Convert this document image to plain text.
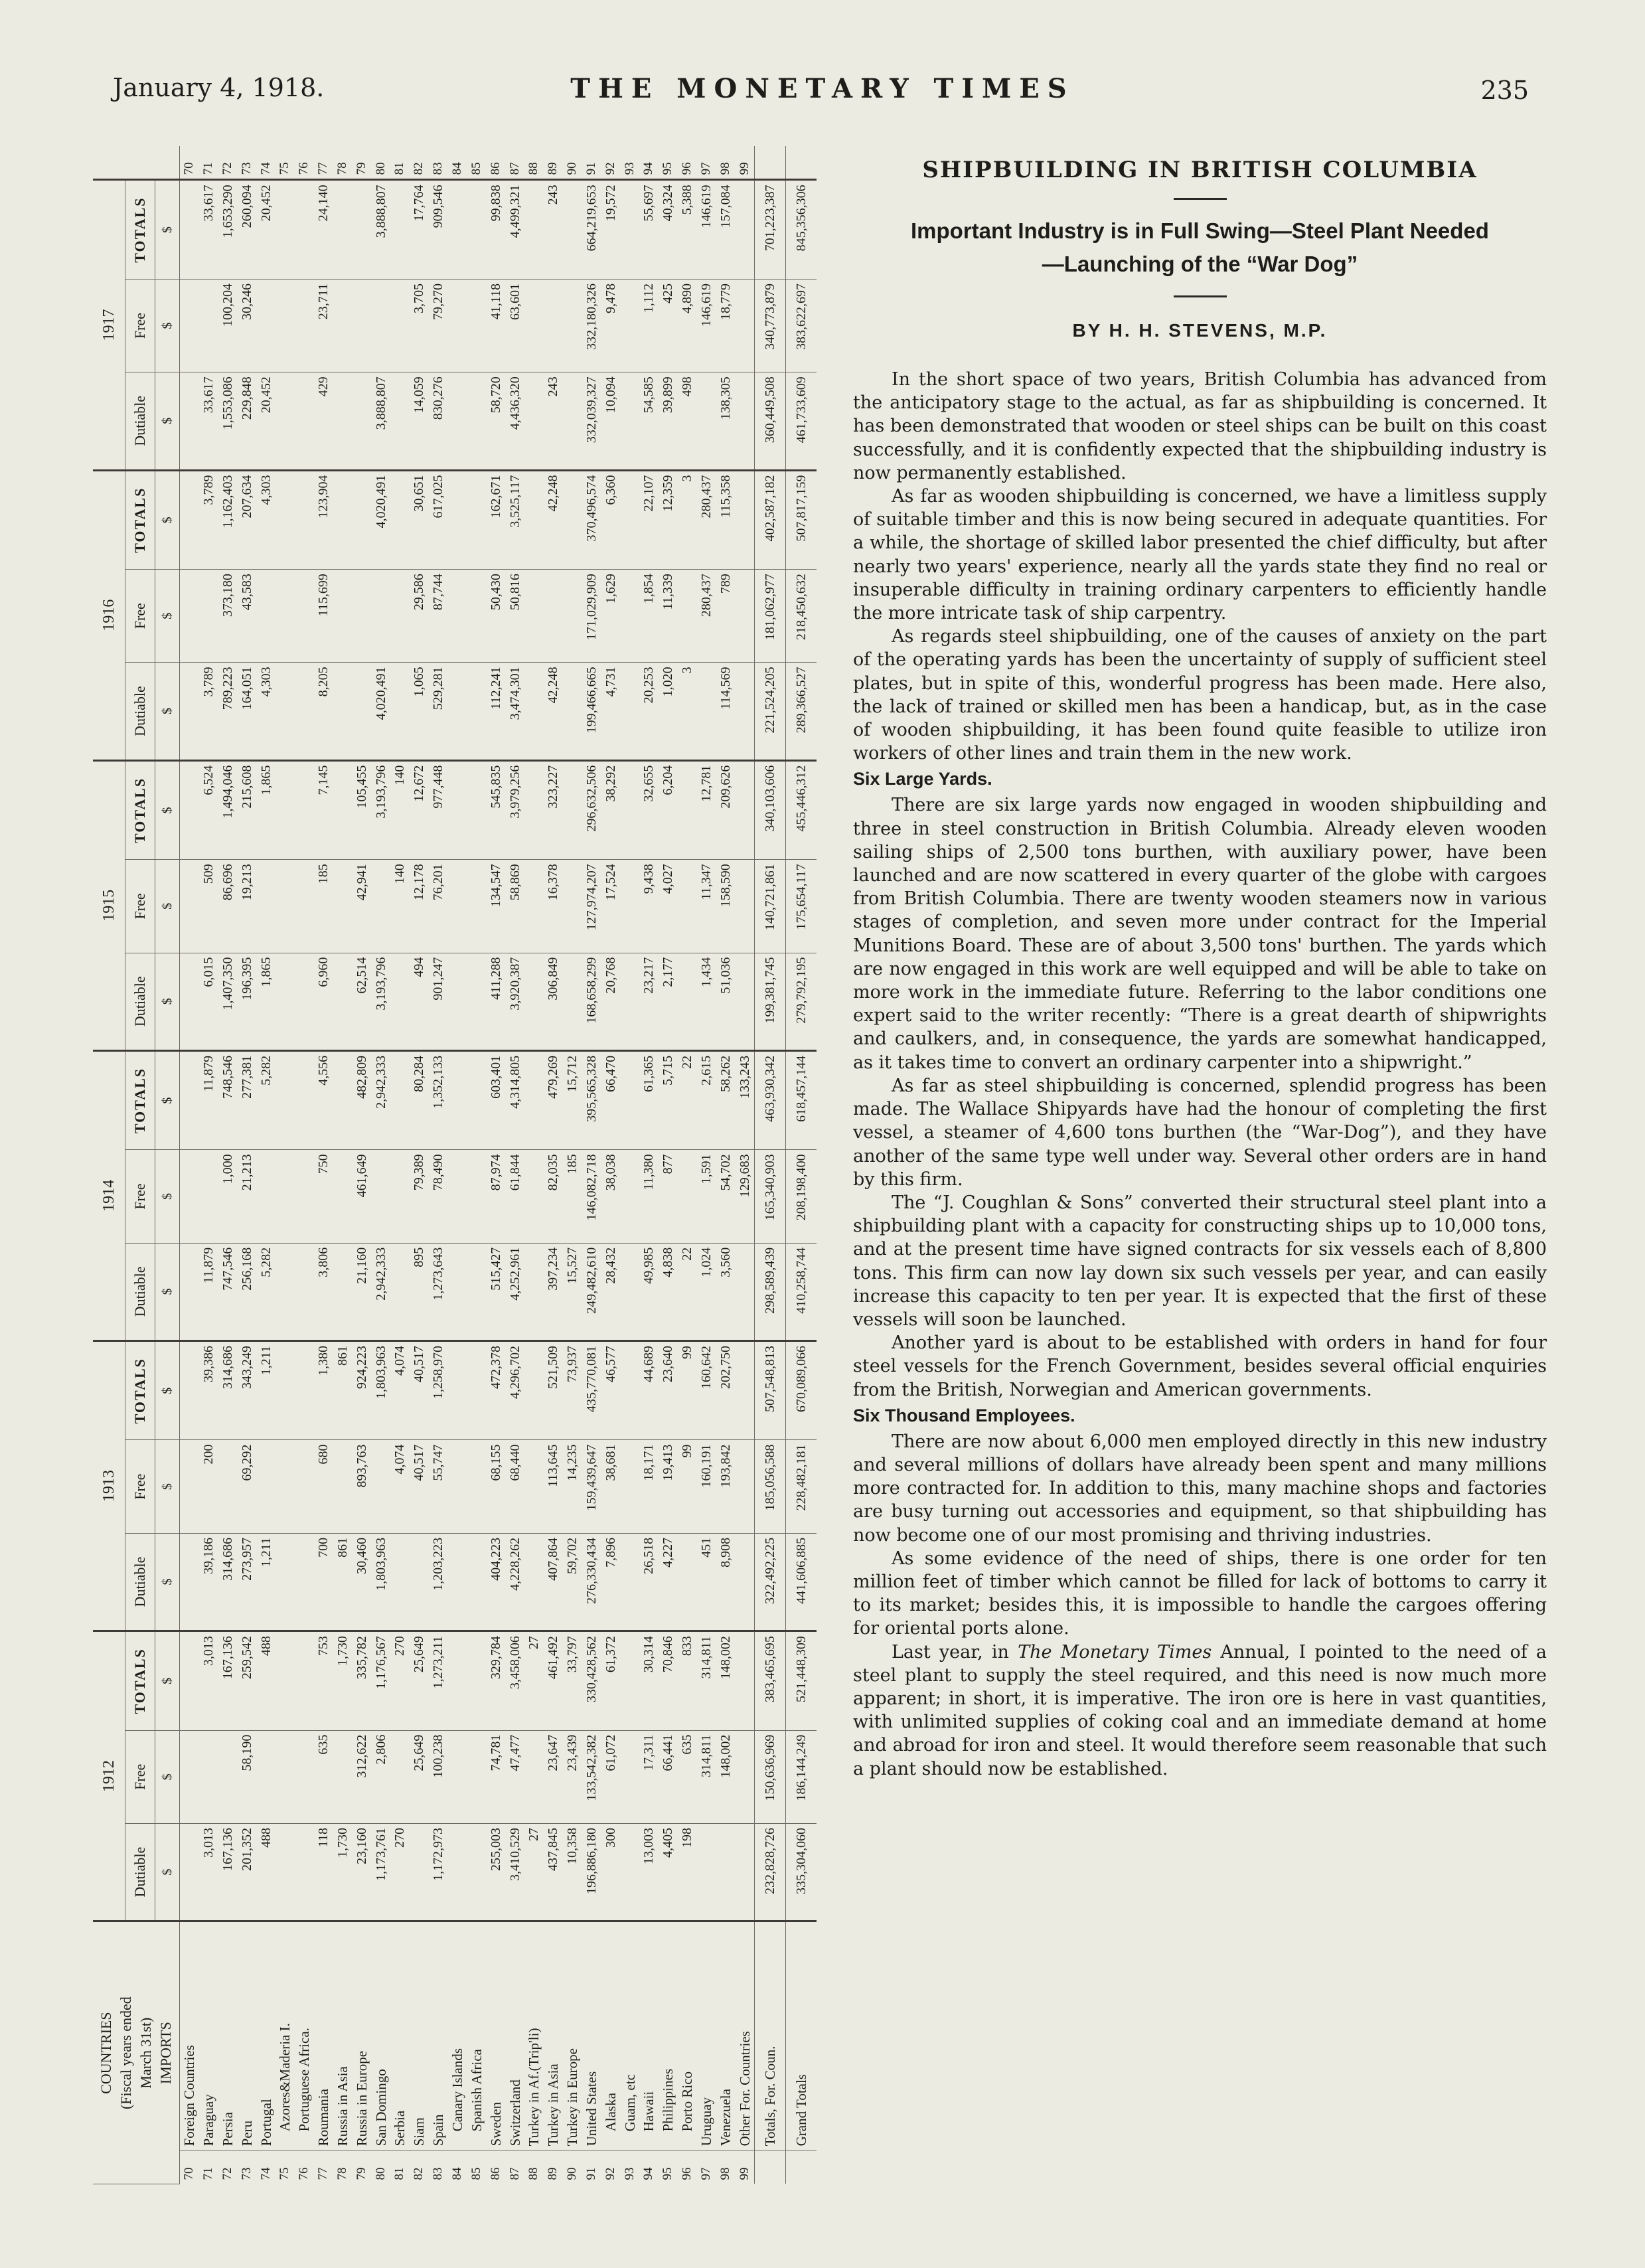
January 4, 1918.	THE MONETARY TIMES	235
COUNTRIES (Fiscal years ended March 31st) IMPORTS		1912			1913			1914			1915			1916			1917			
		Dutiable	Free	TOTALS	Dutiable	Free	TOTALS	Dutiable	Free	TOTALS	Dutiable	Free	TOTALS	Dutiable	Free	TOTALS	Dutiable	Free	TOTALS	
		$	$	$	$	$	$	$	$	$	$	$	$	$	$	$	$	$	$	
70	Foreign Countries																			70
71	Paraguay	3,013		3,013	39,186	200	39,386	11,879		11,879	6,015	509	6,524	3,789		3,789	33,617		33,617	71
72	Persia	167,136		167,136	314,686		314,686	747,546	1,000	748,546	1,407,350	86,696	1,494,046	789,223	373,180	1,162,403	1,553,086	100,204	1,653,290	72
73	Peru	201,352	58,190	259,542	273,957	69,292	343,249	256,168	21,213	277,381	196,395	19,213	215,608	164,051	43,583	207,634	229,848	30,246	260,094	73
74	Portugal	488		488	1,211		1,211	5,282		5,282	1,865		1,865	4,303		4,303	20,452		20,452	74
75	Azores&Maderia I.																			75
76	Portuguese Africa.																			76
77	Roumania	118	635	753	700	680	1,380	3,806	750	4,556	6,960	185	7,145	8,205	115,699	123,904	429	23,711	24,140	77
78	Russia in Asia	1,730		1,730	861		861													78
79	Russia in Europe	23,160	312,622	335,782	30,460	893,763	924,223	21,160	461,649	482,809	62,514	42,941	105,455							79
80	San Domingo	1,173,761	2,806	1,176,567	1,803,963		1,803,963	2,942,333		2,942,333	3,193,796		3,193,796	4,020,491		4,020,491	3,888,807		3,888,807	80
81	Serbia	270		270		4,074	4,074					140	140							81
82	Siam		25,649	25,649		40,517	40,517	895	79,389	80,284	494	12,178	12,672	1,065	29,586	30,651	14,059	3,705	17,764	82
83	Spain	1,172,973	100,238	1,273,211	1,203,223	55,747	1,258,970	1,273,643	78,490	1,352,133	901,247	76,201	977,448	529,281	87,744	617,025	830,276	79,270	909,546	83
84	Canary Islands																			84
85	Spanish Africa																			85
86	Sweden	255,003	74,781	329,784	404,223	68,155	472,378	515,427	87,974	603,401	411,288	134,547	545,835	112,241	50,430	162,671	58,720	41,118	99,838	86
87	Switzerland	3,410,529	47,477	3,458,006	4,228,262	68,440	4,296,702	4,252,961	61,844	4,314,805	3,920,387	58,869	3,979,256	3,474,301	50,816	3,525,117	4,436,320	63,601	4,499,321	87
88	Turkey in Af.(Trip'li)	27		27																88
89	Turkey in Asia	437,845	23,647	461,492	407,864	113,645	521,509	397,234	82,035	479,269	306,849	16,378	323,227	42,248		42,248	243		243	89
90	Turkey in Europe	10,358	23,439	33,797	59,702	14,235	73,937	15,527	185	15,712										90
91	United States	196,886,180	133,542,382	330,428,562	276,330,434	159,439,647	435,770,081	249,482,610	146,082,718	395,565,328	168,658,299	127,974,207	296,632,506	199,466,665	171,029,909	370,496,574	332,039,327	332,180,326	664,219,653	91
92	Alaska	300	61,072	61,372	7,896	38,681	46,577	28,432	38,038	66,470	20,768	17,524	38,292	4,731	1,629	6,360	10,094	9,478	19,572	92
93	Guam, etc																			93
94	Hawaii	13,003	17,311	30,314	26,518	18,171	44,689	49,985	11,380	61,365	23,217	9,438	32,655	20,253	1,854	22,107	54,585	1,112	55,697	94
95	Philippines	4,405	66,441	70,846	4,227	19,413	23,640	4,838	877	5,715	2,177	4,027	6,204	1,020	11,339	12,359	39,899	425	40,324	95
96	Porto Rico	198	635	833		99	99	22		22				3		3	498	4,890	5,388	96
97	Uruguay		314,811	314,811	451	160,191	160,642	1,024	1,591	2,615	1,434	11,347	12,781		280,437	280,437		146,619	146,619	97
98	Venezuela		148,002	148,002	8,908	193,842	202,750	3,560	54,702	58,262	51,036	158,590	209,626	114,569	789	115,358	138,305	18,779	157,084	98
99	Other For. Countries								129,683	133,243										99
	Totals, For. Coun.	232,828,726	150,636,969	383,465,695	322,492,225	185,056,588	507,548,813	298,589,439	165,340,903	463,930,342	199,381,745	140,721,861	340,103,606	221,524,205	181,062,977	402,587,182	360,449,508	340,773,879	701,223,387	
	Grand Totals	335,304,060	186,144,249	521,448,309	441,606,885	228,482,181	670,089,066	410,258,744	208,198,400	618,457,144	279,792,195	175,654,117	455,446,312	289,366,527	218,450,632	507,817,159	461,733,609	383,622,697	845,356,306	
SHIPBUILDING IN BRITISH COLUMBIA

Important Industry is in Full Swing—Steel Plant Needed
—Launching of the “War Dog”

BY H. H. STEVENS, M.P.

In the short space of two years, British Columbia has advanced from the anticipatory stage to the actual, as far as shipbuilding is concerned. It has been demonstrated that wooden or steel ships can be built on this coast successfully, and it is confidently expected that the shipbuilding industry is now permanently established.

As far as wooden shipbuilding is concerned, we have a limitless supply of suitable timber and this is now being secured in adequate quantities. For a while, the shortage of skilled labor presented the chief difficulty, but after nearly two years' experience, nearly all the yards state they find no real or insuperable difficulty in training ordinary carpenters to efficiently handle the more intricate task of ship carpentry.

As regards steel shipbuilding, one of the causes of anxiety on the part of the operating yards has been the uncertainty of supply of sufficient steel plates, but in spite of this, wonderful progress has been made. Here also, the lack of trained or skilled men has been a handicap, but, as in the case of wooden shipbuilding, it has been found quite feasible to utilize iron workers of other lines and train them in the new work.

Six Large Yards.

There are six large yards now engaged in wooden shipbuilding and three in steel construction in British Columbia. Already eleven wooden sailing ships of 2,500 tons burthen, with auxiliary power, have been launched and are now scattered in every quarter of the globe with cargoes from British Columbia. There are twenty wooden steamers now in various stages of completion, and seven more under contract for the Imperial Munitions Board. These are of about 3,500 tons' burthen. The yards which are now engaged in this work are well equipped and will be able to take on more work in the immediate future. Referring to the labor conditions one expert said to the writer recently: “There is a great dearth of shipwrights and caulkers, and, in consequence, the yards are somewhat handicapped, as it takes time to convert an ordinary carpenter into a shipwright.”

As far as steel shipbuilding is concerned, splendid progress has been made. The Wallace Shipyards have had the honour of completing the first vessel, a steamer of 4,600 tons burthen (the “War-Dog”), and they have another of the same type well under way. Several other orders are in hand by this firm.

The “J. Coughlan & Sons” converted their structural steel plant into a shipbuilding plant with a capacity for constructing ships up to 10,000 tons, and at the present time have signed contracts for six vessels each of 8,800 tons. This firm can now lay down six such vessels per year, and can easily increase this capacity to ten per year. It is expected that the first of these vessels will soon be launched.

Another yard is about to be established with orders in hand for four steel vessels for the French Government, besides several official enquiries from the British, Norwegian and American governments.

Six Thousand Employees.

There are now about 6,000 men employed directly in this new industry and several millions of dollars have already been spent and many millions more contracted for. In addition to this, many machine shops and factories are busy turning out accessories and equipment, so that shipbuilding has now become one of our most promising and thriving industries.

As some evidence of the need of ships, there is one order for ten million feet of timber which cannot be filled for lack of bottoms to carry it to its market; besides this, it is impossible to handle the cargoes offering for oriental ports alone.

Last year, in The Monetary Times Annual, I pointed to the need of a steel plant to supply the steel required, and this need is now much more apparent; in short, it is imperative. The iron ore is here in vast quantities, with unlimited supplies of coking coal and an immediate demand at home and abroad for iron and steel. It would therefore seem reasonable that such a plant should now be established.
